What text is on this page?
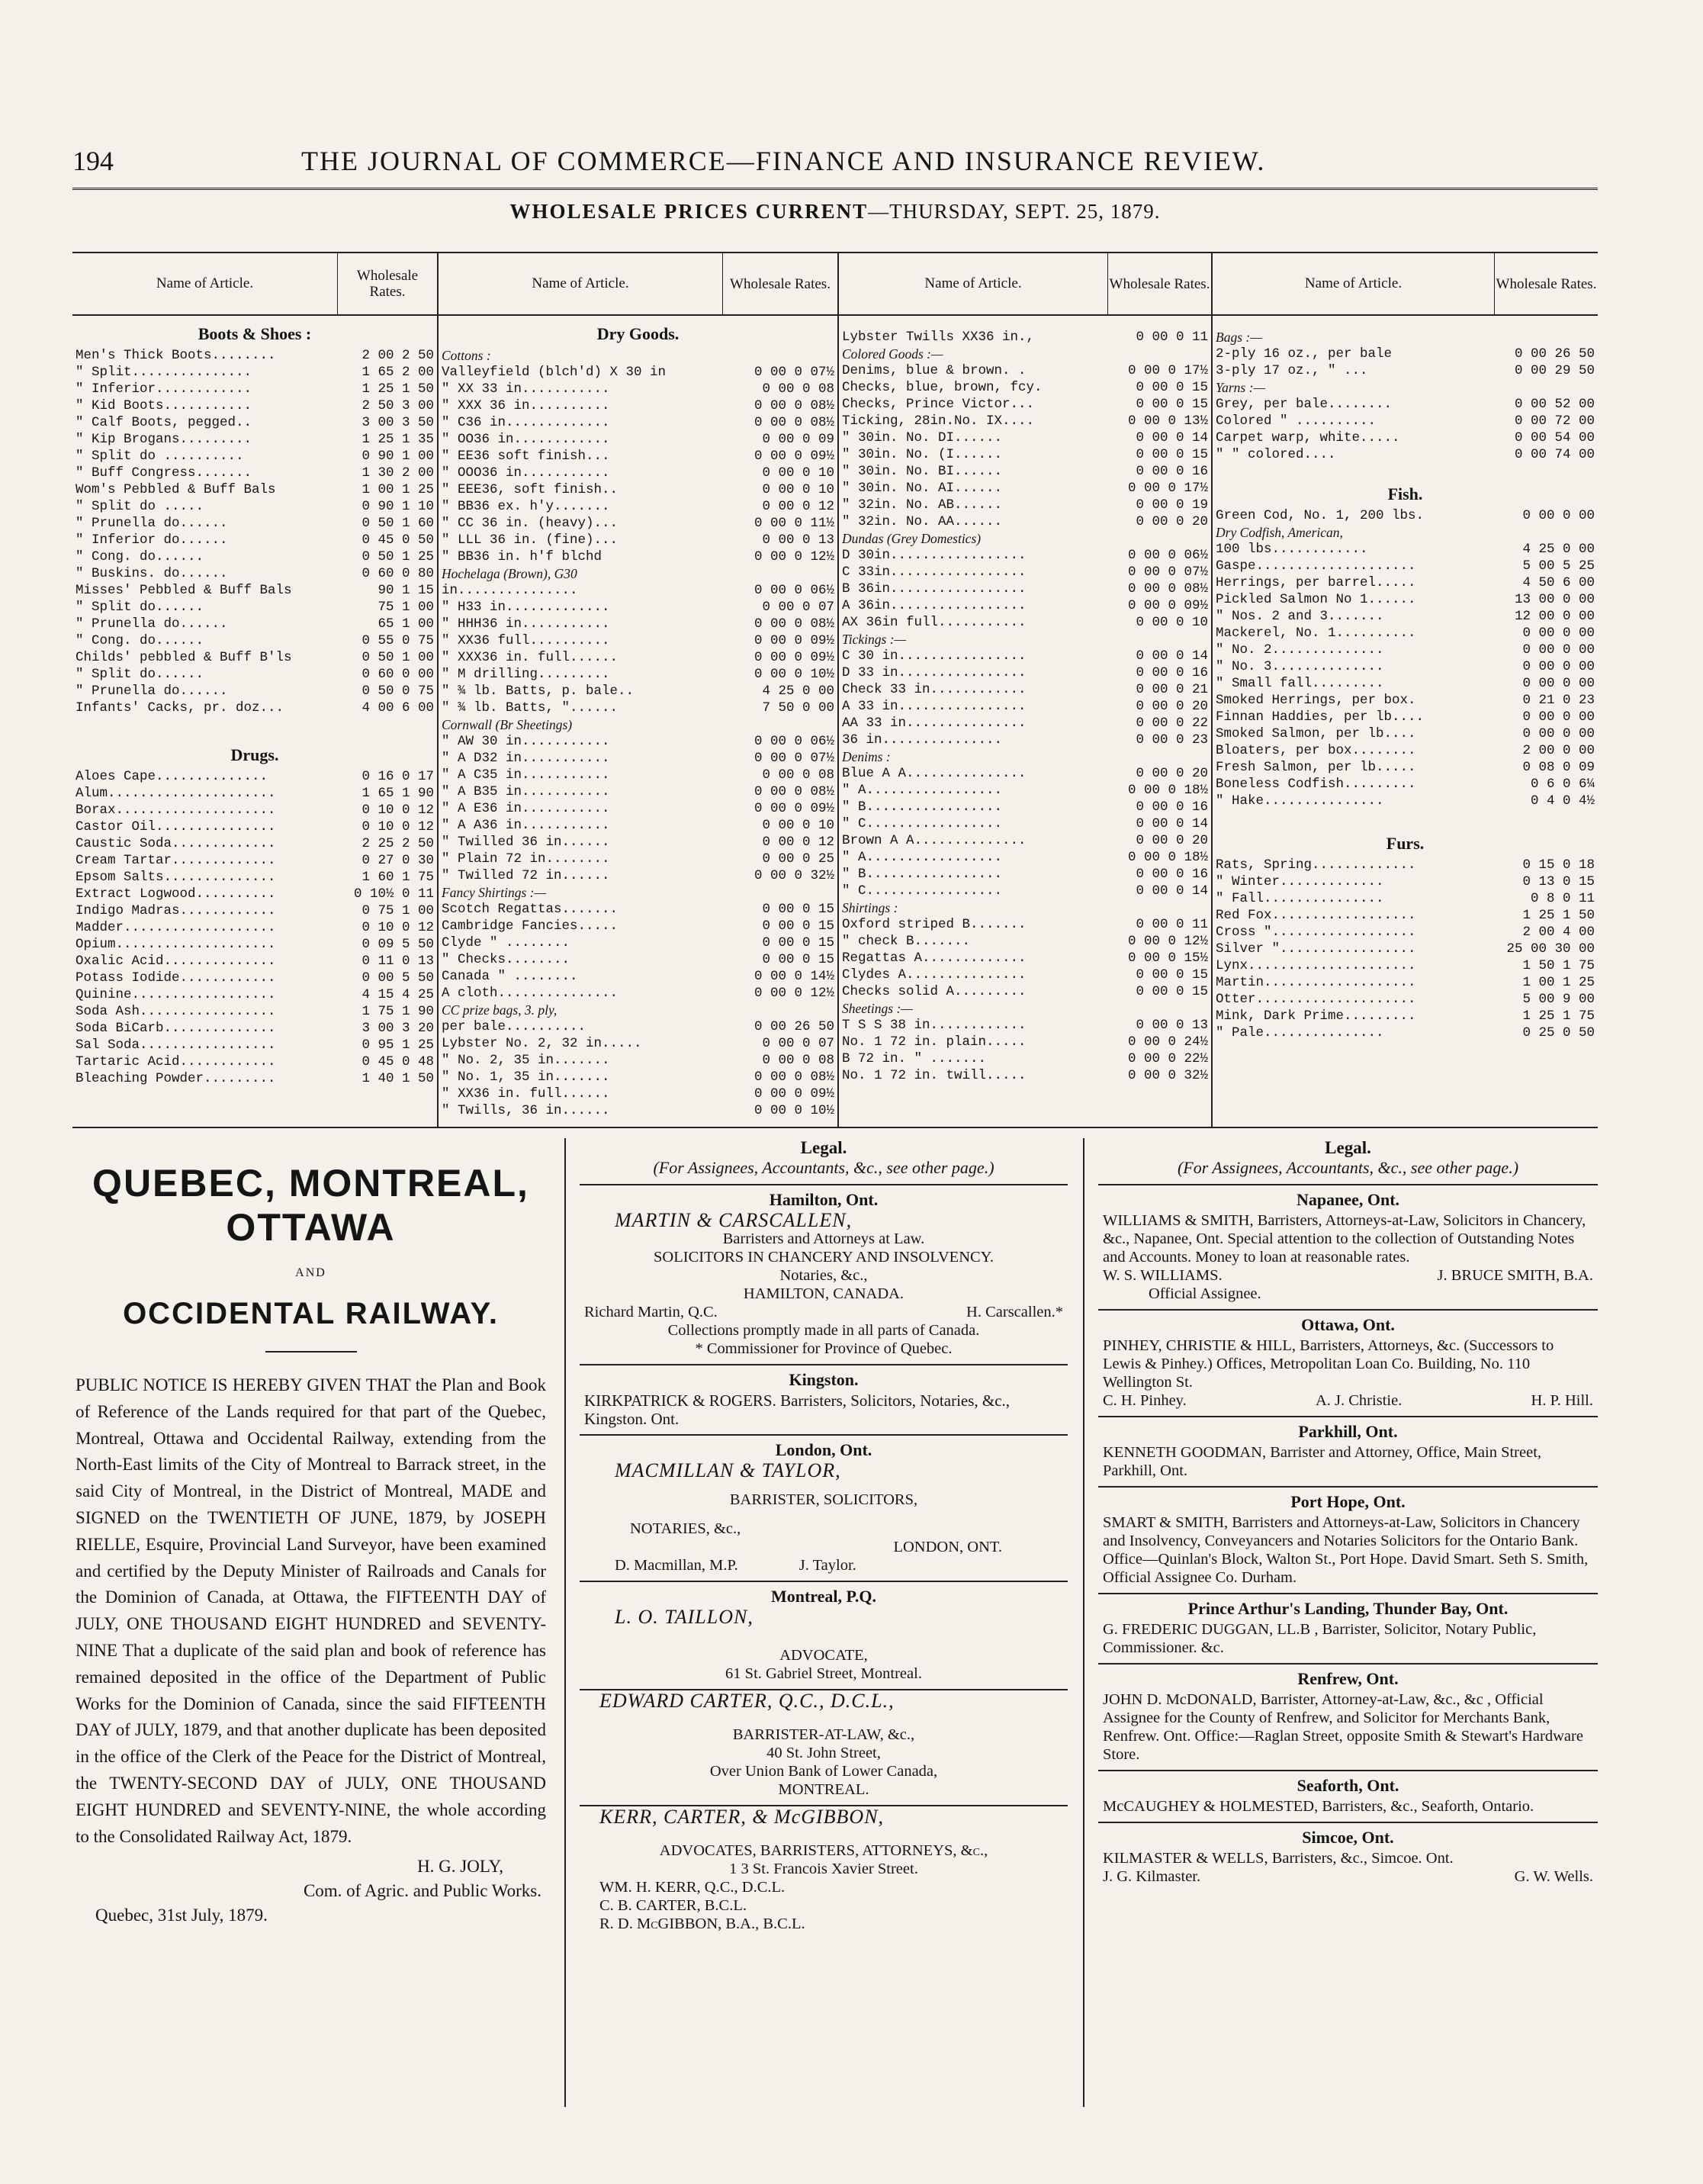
194	THE JOURNAL OF COMMERCE—FINANCE AND INSURANCE REVIEW.
WHOLESALE PRICES CURRENT—THURSDAY, SEPT. 25, 1879.
Name of Article.	Wholesale Rates.
Boots & Shoes :
Men's Thick Boots........	2 00 2 50
" Split...............	1 65 2 00
" Inferior............	1 25 1 50
" Kid Boots...........	2 50 3 00
" Calf Boots, pegged..	3 00 3 50
" Kip Brogans.........	1 25 1 35
" Split do ..........	0 90 1 00
" Buff Congress.......	1 30 2 00
Wom's Pebbled & Buff Bals	1 00 1 25
" Split do .....	0 90 1 10
" Prunella do......	0 50 1 60
" Inferior do......	0 45 0 50
" Cong. do......	0 50 1 25
" Buskins. do......	0 60 0 80
Misses' Pebbled & Buff Bals	90 1 15
" Split do......	75 1 00
" Prunella do......	65 1 00
" Cong. do......	0 55 0 75
Childs' pebbled & Buff B'ls	0 50 1 00
" Split do......	0 60 0 00
" Prunella do......	0 50 0 75
Infants' Cacks, pr. doz...	4 00 6 00
Drugs.
Aloes Cape..............	0 16 0 17
Alum.....................	1 65 1 90
Borax....................	0 10 0 12
Castor Oil...............	0 10 0 12
Caustic Soda.............	2 25 2 50
Cream Tartar.............	0 27 0 30
Epsom Salts..............	1 60 1 75
Extract Logwood..........	0 10½ 0 11
Indigo Madras............	0 75 1 00
Madder...................	0 10 0 12
Opium....................	0 09 5 50
Oxalic Acid..............	0 11 0 13
Potass Iodide............	0 00 5 50
Quinine..................	4 15 4 25
Soda Ash.................	1 75 1 90
Soda BiCarb..............	3 00 3 20
Sal Soda.................	0 95 1 25
Tartaric Acid............	0 45 0 48
Bleaching Powder.........	1 40 1 50
Name of Article.	Wholesale Rates.
Dry Goods.
Cottons :
Valleyfield (blch'd) X 30 in	0 00 0 07½
" XX 33 in...........	0 00 0 08
" XXX 36 in..........	0 00 0 08½
" C36 in.............	0 00 0 08½
" OO36 in............	0 00 0 09
" EE36 soft finish...	0 00 0 09½
" OOO36 in...........	0 00 0 10
" EEE36, soft finish..	0 00 0 10
" BB36 ex. h'y.......	0 00 0 12
" CC 36 in. (heavy)...	0 00 0 11½
" LLL 36 in. (fine)...	0 00 0 13
" BB36 in. h'f blchd	0 00 0 12½
Hochelaga (Brown), G30
in...............	0 00 0 06½
" H33 in.............	0 00 0 07
" HHH36 in...........	0 00 0 08½
" XX36 full..........	0 00 0 09½
" XXX36 in. full......	0 00 0 09½
" M drilling.........	0 00 0 10½
" ¾ lb. Batts, p. bale..	4 25 0 00
" ¾ lb. Batts, "......	7 50 0 00
Cornwall (Br Sheetings)
" AW 30 in...........	0 00 0 06½
" A D32 in...........	0 00 0 07½
" A C35 in...........	0 00 0 08
" A B35 in...........	0 00 0 08½
" A E36 in...........	0 00 0 09½
" A A36 in...........	0 00 0 10
" Twilled 36 in......	0 00 0 12
" Plain 72 in........	0 00 0 25
" Twilled 72 in......	0 00 0 32½
Fancy Shirtings :—
Scotch Regattas.......	0 00 0 15
Cambridge Fancies.....	0 00 0 15
Clyde " ........	0 00 0 15
" Checks........	0 00 0 15
Canada " ........	0 00 0 14½
A cloth...............	0 00 0 12½
CC prize bags, 3. ply,
per bale..........	0 00 26 50
Lybster No. 2, 32 in.....	0 00 0 07
" No. 2, 35 in.......	0 00 0 08
" No. 1, 35 in.......	0 00 0 08½
" XX36 in. full......	0 00 0 09½
" Twills, 36 in......	0 00 0 10½
Name of Article.	Wholesale Rates.
Lybster Twills XX36 in.,	0 00 0 11
Colored Goods :—
Denims, blue & brown. .	0 00 0 17½
Checks, blue, brown, fcy.	0 00 0 15
Checks, Prince Victor...	0 00 0 15
Ticking, 28in.No. IX....	0 00 0 13½
" 30in. No. DI......	0 00 0 14
" 30in. No. (I......	0 00 0 15
" 30in. No. BI......	0 00 0 16
" 30in. No. AI......	0 00 0 17½
" 32in. No. AB......	0 00 0 19
" 32in. No. AA......	0 00 0 20
Dundas (Grey Domestics)
D 30in.................	0 00 0 06½
C 33in.................	0 00 0 07½
B 36in.................	0 00 0 08½
A 36in.................	0 00 0 09½
AX 36in full...........	0 00 0 10
Tickings :—
C 30 in................	0 00 0 14
D 33 in................	0 00 0 16
Check 33 in............	0 00 0 21
A 33 in................	0 00 0 20
AA 33 in...............	0 00 0 22
36 in...............	0 00 0 23
Denims :
Blue A A...............	0 00 0 20
" A.................	0 00 0 18½
" B.................	0 00 0 16
" C.................	0 00 0 14
Brown A A..............	0 00 0 20
" A.................	0 00 0 18½
" B.................	0 00 0 16
" C.................	0 00 0 14
Shirtings :
Oxford striped B.......	0 00 0 11
" check B.......	0 00 0 12½
Regattas A.............	0 00 0 15½
Clydes A...............	0 00 0 15
Checks solid A.........	0 00 0 15
Sheetings :—
T S S 38 in............	0 00 0 13
No. 1 72 in. plain.....	0 00 0 24½
B 72 in. " .......	0 00 0 22½
No. 1 72 in. twill.....	0 00 0 32½
Name of Article.	Wholesale Rates.
Bags :—
2-ply 16 oz., per bale	0 00 26 50
3-ply 17 oz., " ...	0 00 29 50
Yarns :—
Grey, per bale........	0 00 52 00
Colored " ..........	0 00 72 00
Carpet warp, white.....	0 00 54 00
" " colored....	0 00 74 00
Fish.
Green Cod, No. 1, 200 lbs.	0 00 0 00
Dry Codfish, American,
100 lbs............	4 25 0 00
Gaspe....................	5 00 5 25
Herrings, per barrel.....	4 50 6 00
Pickled Salmon No 1......	13 00 0 00
" Nos. 2 and 3.......	12 00 0 00
Mackerel, No. 1..........	0 00 0 00
" No. 2..............	0 00 0 00
" No. 3..............	0 00 0 00
" Small fall.........	0 00 0 00
Smoked Herrings, per box.	0 21 0 23
Finnan Haddies, per lb....	0 00 0 00
Smoked Salmon, per lb....	0 00 0 00
Bloaters, per box........	2 00 0 00
Fresh Salmon, per lb.....	0 08 0 09
Boneless Codfish.........	0 6 0 6¼
" Hake...............	0 4 0 4½
Furs.
Rats, Spring.............	0 15 0 18
" Winter.............	0 13 0 15
" Fall...............	0 8 0 11
Red Fox..................	1 25 1 50
Cross "..................	2 00 4 00
Silver ".................	25 00 30 00
Lynx.....................	1 50 1 75
Martin...................	1 00 1 25
Otter....................	5 00 9 00
Mink, Dark Prime.........	1 25 1 75
" Pale...............	0 25 0 50
QUEBEC, MONTREAL, OTTAWA
AND
OCCIDENTAL RAILWAY.
PUBLIC NOTICE IS HEREBY GIVEN THAT the Plan and Book of Reference of the Lands required for that part of the Quebec, Montreal, Ottawa and Occidental Railway, extending from the North-East limits of the City of Montreal to Barrack street, in the said City of Montreal, in the District of Montreal, MADE and SIGNED on the TWENTIETH OF JUNE, 1879, by JOSEPH RIELLE, Esquire, Provincial Land Surveyor, have been examined and certified by the Deputy Minister of Railroads and Canals for the Dominion of Canada, at Ottawa, the FIFTEENTH DAY of JULY, ONE THOUSAND EIGHT HUNDRED and SEVENTY-NINE That a duplicate of the said plan and book of reference has remained deposited in the office of the Department of Public Works for the Dominion of Canada, since the said FIFTEENTH DAY of JULY, 1879, and that another duplicate has been deposited in the office of the Clerk of the Peace for the District of Montreal, the TWENTY-SECOND DAY of JULY, ONE THOUSAND EIGHT HUNDRED and SEVENTY-NINE, the whole according to the Consolidated Railway Act, 1879.
H. G. JOLY,
Com. of Agric. and Public Works.
Quebec, 31st July, 1879.
Legal.
(For Assignees, Accountants, &c., see other page.)
Hamilton, Ont.
MARTIN & CARSCALLEN,
Barristers and Attorneys at Law.
SOLICITORS IN CHANCERY AND INSOLVENCY.
Notaries, &c.,
HAMILTON, CANADA.
Richard Martin, Q.C.	H. Carscallen.*
Collections promptly made in all parts of Canada.
* Commissioner for Province of Quebec.
Kingston.
KIRKPATRICK & ROGERS. Barristers, Solicitors, Notaries, &c., Kingston. Ont.
London, Ont.
MACMILLAN & TAYLOR,
BARRISTER, SOLICITORS,
NOTARIES, &c.,
LONDON, ONT.
D. Macmillan, M.P.	J. Taylor.
Montreal, P.Q.
L. O. TAILLON,
ADVOCATE,
61 St. Gabriel Street, Montreal.
EDWARD CARTER, Q.C., D.C.L.,
BARRISTER-AT-LAW, &c.,
40 St. John Street,
Over Union Bank of Lower Canada,
MONTREAL.
KERR, CARTER, & McGIBBON,
ADVOCATES, BARRISTERS, ATTORNEYS, &c.,
1 3 St. Francois Xavier Street.
WM. H. KERR, Q.C., D.C.L.
C. B. CARTER, B.C.L.
R. D. McGIBBON, B.A., B.C.L.
Legal.
(For Assignees, Accountants, &c., see other page.)
Napanee, Ont.
WILLIAMS & SMITH, Barristers, Attorneys-at-Law, Solicitors in Chancery, &c., Napanee, Ont. Special attention to the collection of Outstanding Notes and Accounts. Money to loan at reasonable rates.
W. S. WILLIAMS.	J. BRUCE SMITH, B.A.
Official Assignee.
Ottawa, Ont.
PINHEY, CHRISTIE & HILL, Barristers, Attorneys, &c. (Successors to Lewis & Pinhey.) Offices, Metropolitan Loan Co. Building, No. 110 Wellington St.
C. H. Pinhey.	A. J. Christie.	H. P. Hill.
Parkhill, Ont.
KENNETH GOODMAN, Barrister and Attorney, Office, Main Street, Parkhill, Ont.
Port Hope, Ont.
SMART & SMITH, Barristers and Attorneys-at-Law, Solicitors in Chancery and Insolvency, Conveyancers and Notaries Solicitors for the Ontario Bank. Office—Quinlan's Block, Walton St., Port Hope. David Smart. Seth S. Smith, Official Assignee Co. Durham.
Prince Arthur's Landing, Thunder Bay, Ont.
G. FREDERIC DUGGAN, LL.B , Barrister, Solicitor, Notary Public, Commissioner. &c.
Renfrew, Ont.
JOHN D. McDONALD, Barrister, Attorney-at-Law, &c., &c , Official Assignee for the County of Renfrew, and Solicitor for Merchants Bank, Renfrew. Ont. Office:—Raglan Street, opposite Smith & Stewart's Hardware Store.
Seaforth, Ont.
McCAUGHEY & HOLMESTED, Barristers, &c., Seaforth, Ontario.
Simcoe, Ont.
KILMASTER & WELLS, Barristers, &c., Simcoe. Ont.
J. G. Kilmaster.	G. W. Wells.
